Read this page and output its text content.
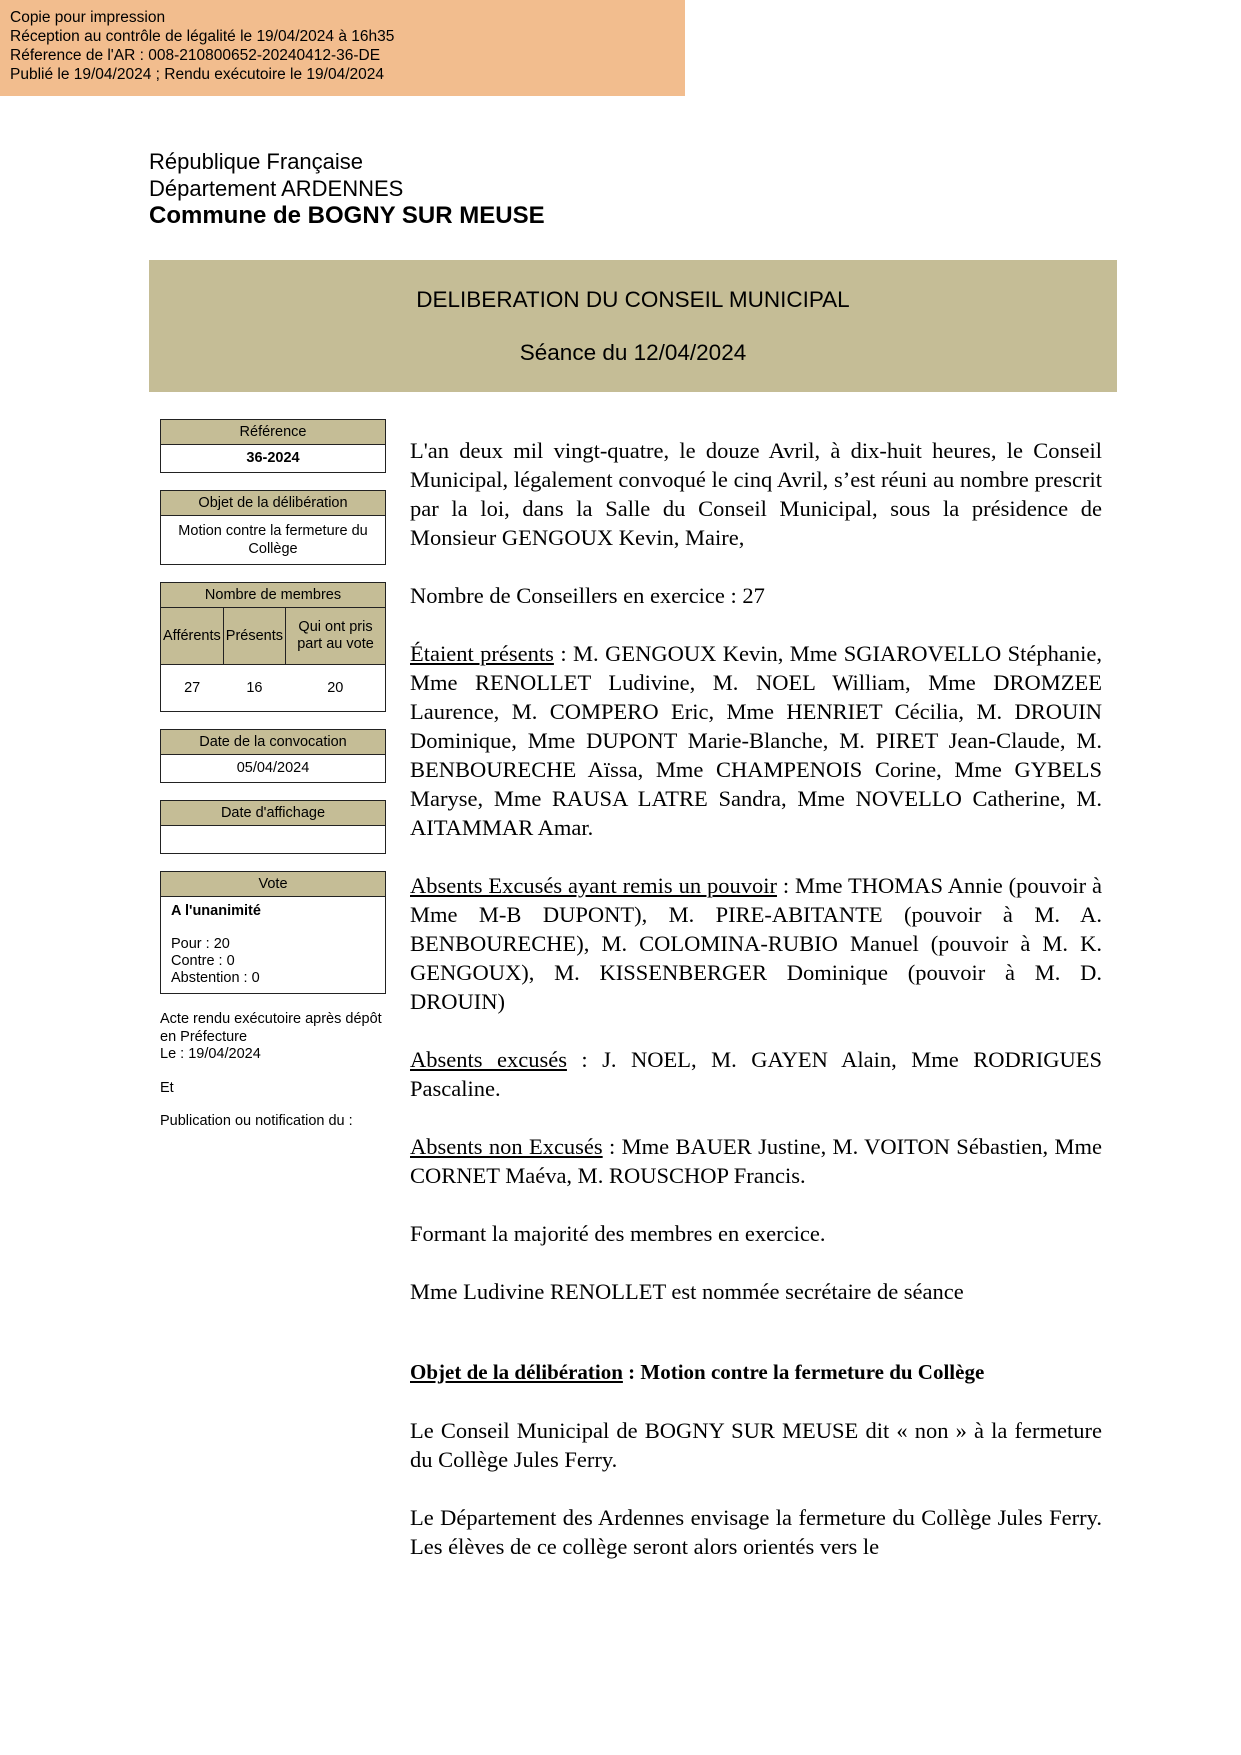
Copie pour impression
Réception au contrôle de légalité le 19/04/2024 à 16h35
Réference de l'AR : 008-210800652-20240412-36-DE
Publié le 19/04/2024 ; Rendu exécutoire le 19/04/2024
République Française
Département ARDENNES
Commune de BOGNY SUR MEUSE
DELIBERATION DU CONSEIL MUNICIPAL
Séance du 12/04/2024
Référence
36-2024
Objet de la délibération
Motion contre la fermeture du Collège
Nombre de membres
Afférents	Présents	Qui ont pris part au vote
27	16	20
Date de la convocation
05/04/2024
Date d'affichage
Vote
A l'unanimité
Pour : 20
Contre : 0
Abstention : 0

Acte rendu exécutoire après dépôt en Préfecture
Le : 19/04/2024

Et

Publication ou notification du :

L'an deux mil vingt-quatre, le douze Avril, à dix-huit heures, le Conseil Municipal, légalement convoqué le cinq Avril, s’est réuni au nombre prescrit par la loi, dans la Salle du Conseil Municipal, sous la présidence de Monsieur GENGOUX Kevin, Maire,

Nombre de Conseillers en exercice : 27

Étaient présents : M. GENGOUX Kevin, Mme SGIAROVELLO Stéphanie, Mme RENOLLET Ludivine, M. NOEL William, Mme DROMZEE Laurence, M. COMPERO Eric, Mme HENRIET Cécilia, M. DROUIN Dominique, Mme DUPONT Marie-Blanche, M. PIRET Jean-Claude, M. BENBOURECHE Aïssa, Mme CHAMPENOIS Corine, Mme GYBELS Maryse, Mme RAUSA LATRE Sandra, Mme NOVELLO Catherine, M. AITAMMAR Amar.

Absents Excusés ayant remis un pouvoir : Mme THOMAS Annie (pouvoir à Mme M-B DUPONT), M. PIRE-ABITANTE (pouvoir à M. A. BENBOURECHE), M. COLOMINA-RUBIO Manuel (pouvoir à M. K. GENGOUX), M. KISSENBERGER Dominique (pouvoir à M. D. DROUIN)

Absents excusés : J. NOEL, M. GAYEN Alain, Mme RODRIGUES Pascaline.

Absents non Excusés : Mme BAUER Justine, M. VOITON Sébastien, Mme CORNET Maéva, M. ROUSCHOP Francis.

Formant la majorité des membres en exercice.

Mme Ludivine RENOLLET est nommée secrétaire de séance

Objet de la délibération : Motion contre la fermeture du Collège

Le Conseil Municipal de BOGNY SUR MEUSE dit « non » à la fermeture du Collège Jules Ferry.

Le Département des Ardennes envisage la fermeture du Collège Jules Ferry. Les élèves de ce collège seront alors orientés vers le
